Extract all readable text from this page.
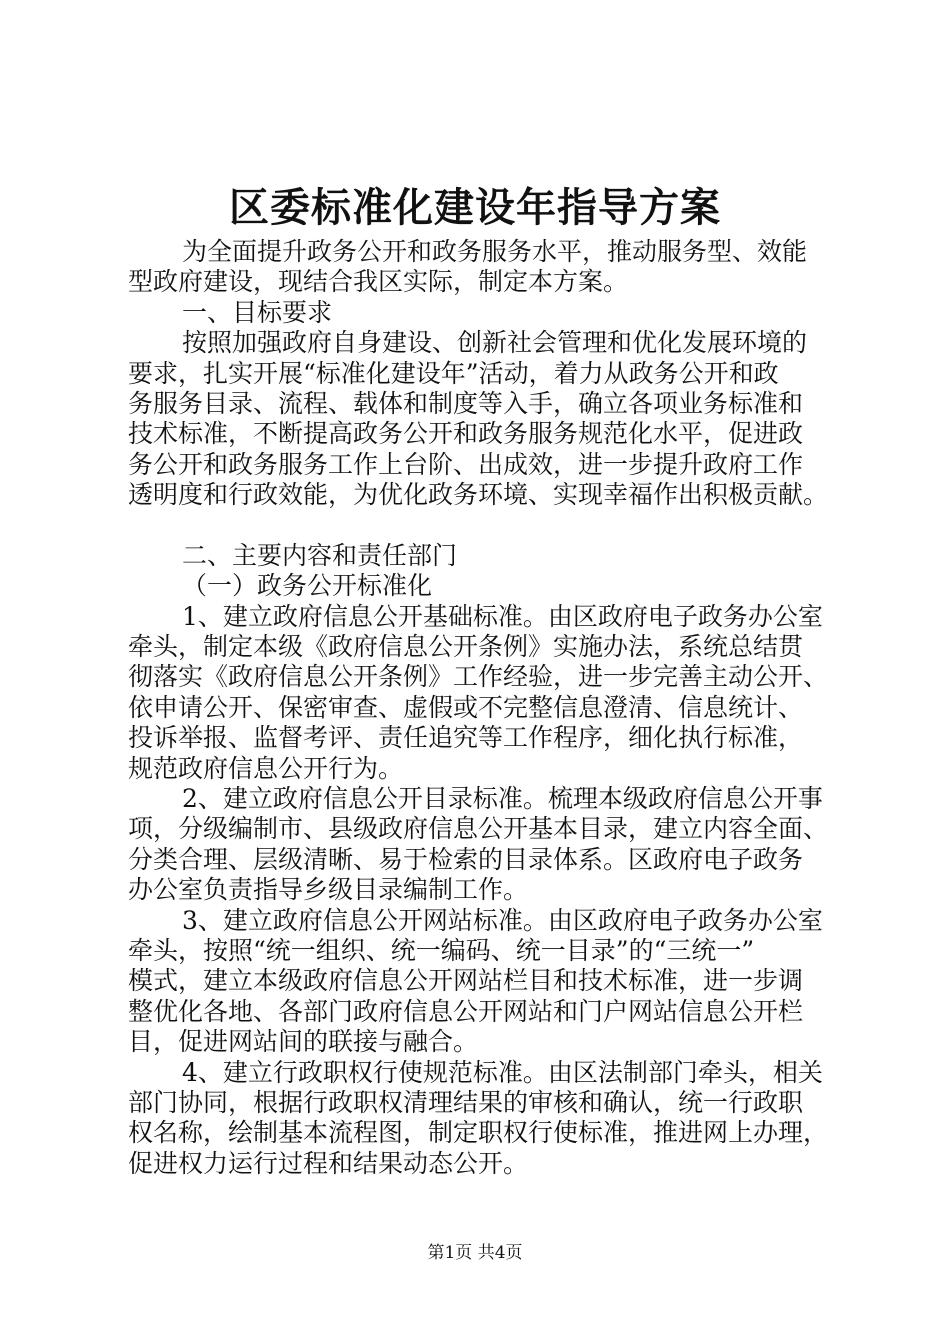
区委标准化建设年指导方案
为全面提升政务公开和政务服务水平，推动服务型、效能
型政府建设，现结合我区实际，制定本方案。
一、目标要求
按照加强政府自身建设、创新社会管理和优化发展环境的
要求，扎实开展“标准化建设年”活动，着力从政务公开和政
务服务目录、流程、载体和制度等入手，确立各项业务标准和
技术标准，不断提高政务公开和政务服务规范化水平，促进政
务公开和政务服务工作上台阶、出成效，进一步提升政府工作
透明度和行政效能，为优化政务环境、实现幸福作出积极贡献。
二、主要内容和责任部门
（一）政务公开标准化
1、建立政府信息公开基础标准。由区政府电子政务办公室
牵头，制定本级《政府信息公开条例》实施办法，系统总结贯
彻落实《政府信息公开条例》工作经验，进一步完善主动公开、
依申请公开、保密审查、虚假或不完整信息澄清、信息统计、
投诉举报、监督考评、责任追究等工作程序，细化执行标准，
规范政府信息公开行为。
2、建立政府信息公开目录标准。梳理本级政府信息公开事
项，分级编制市、县级政府信息公开基本目录，建立内容全面、
分类合理、层级清晰、易于检索的目录体系。区政府电子政务
办公室负责指导乡级目录编制工作。
3、建立政府信息公开网站标准。由区政府电子政务办公室
牵头，按照“统一组织、统一编码、统一目录”的“三统一”
模式，建立本级政府信息公开网站栏目和技术标准，进一步调
整优化各地、各部门政府信息公开网站和门户网站信息公开栏
目，促进网站间的联接与融合。
4、建立行政职权行使规范标准。由区法制部门牵头，相关
部门协同，根据行政职权清理结果的审核和确认，统一行政职
权名称，绘制基本流程图，制定职权行使标准，推进网上办理，
促进权力运行过程和结果动态公开。
第1页 共4页
